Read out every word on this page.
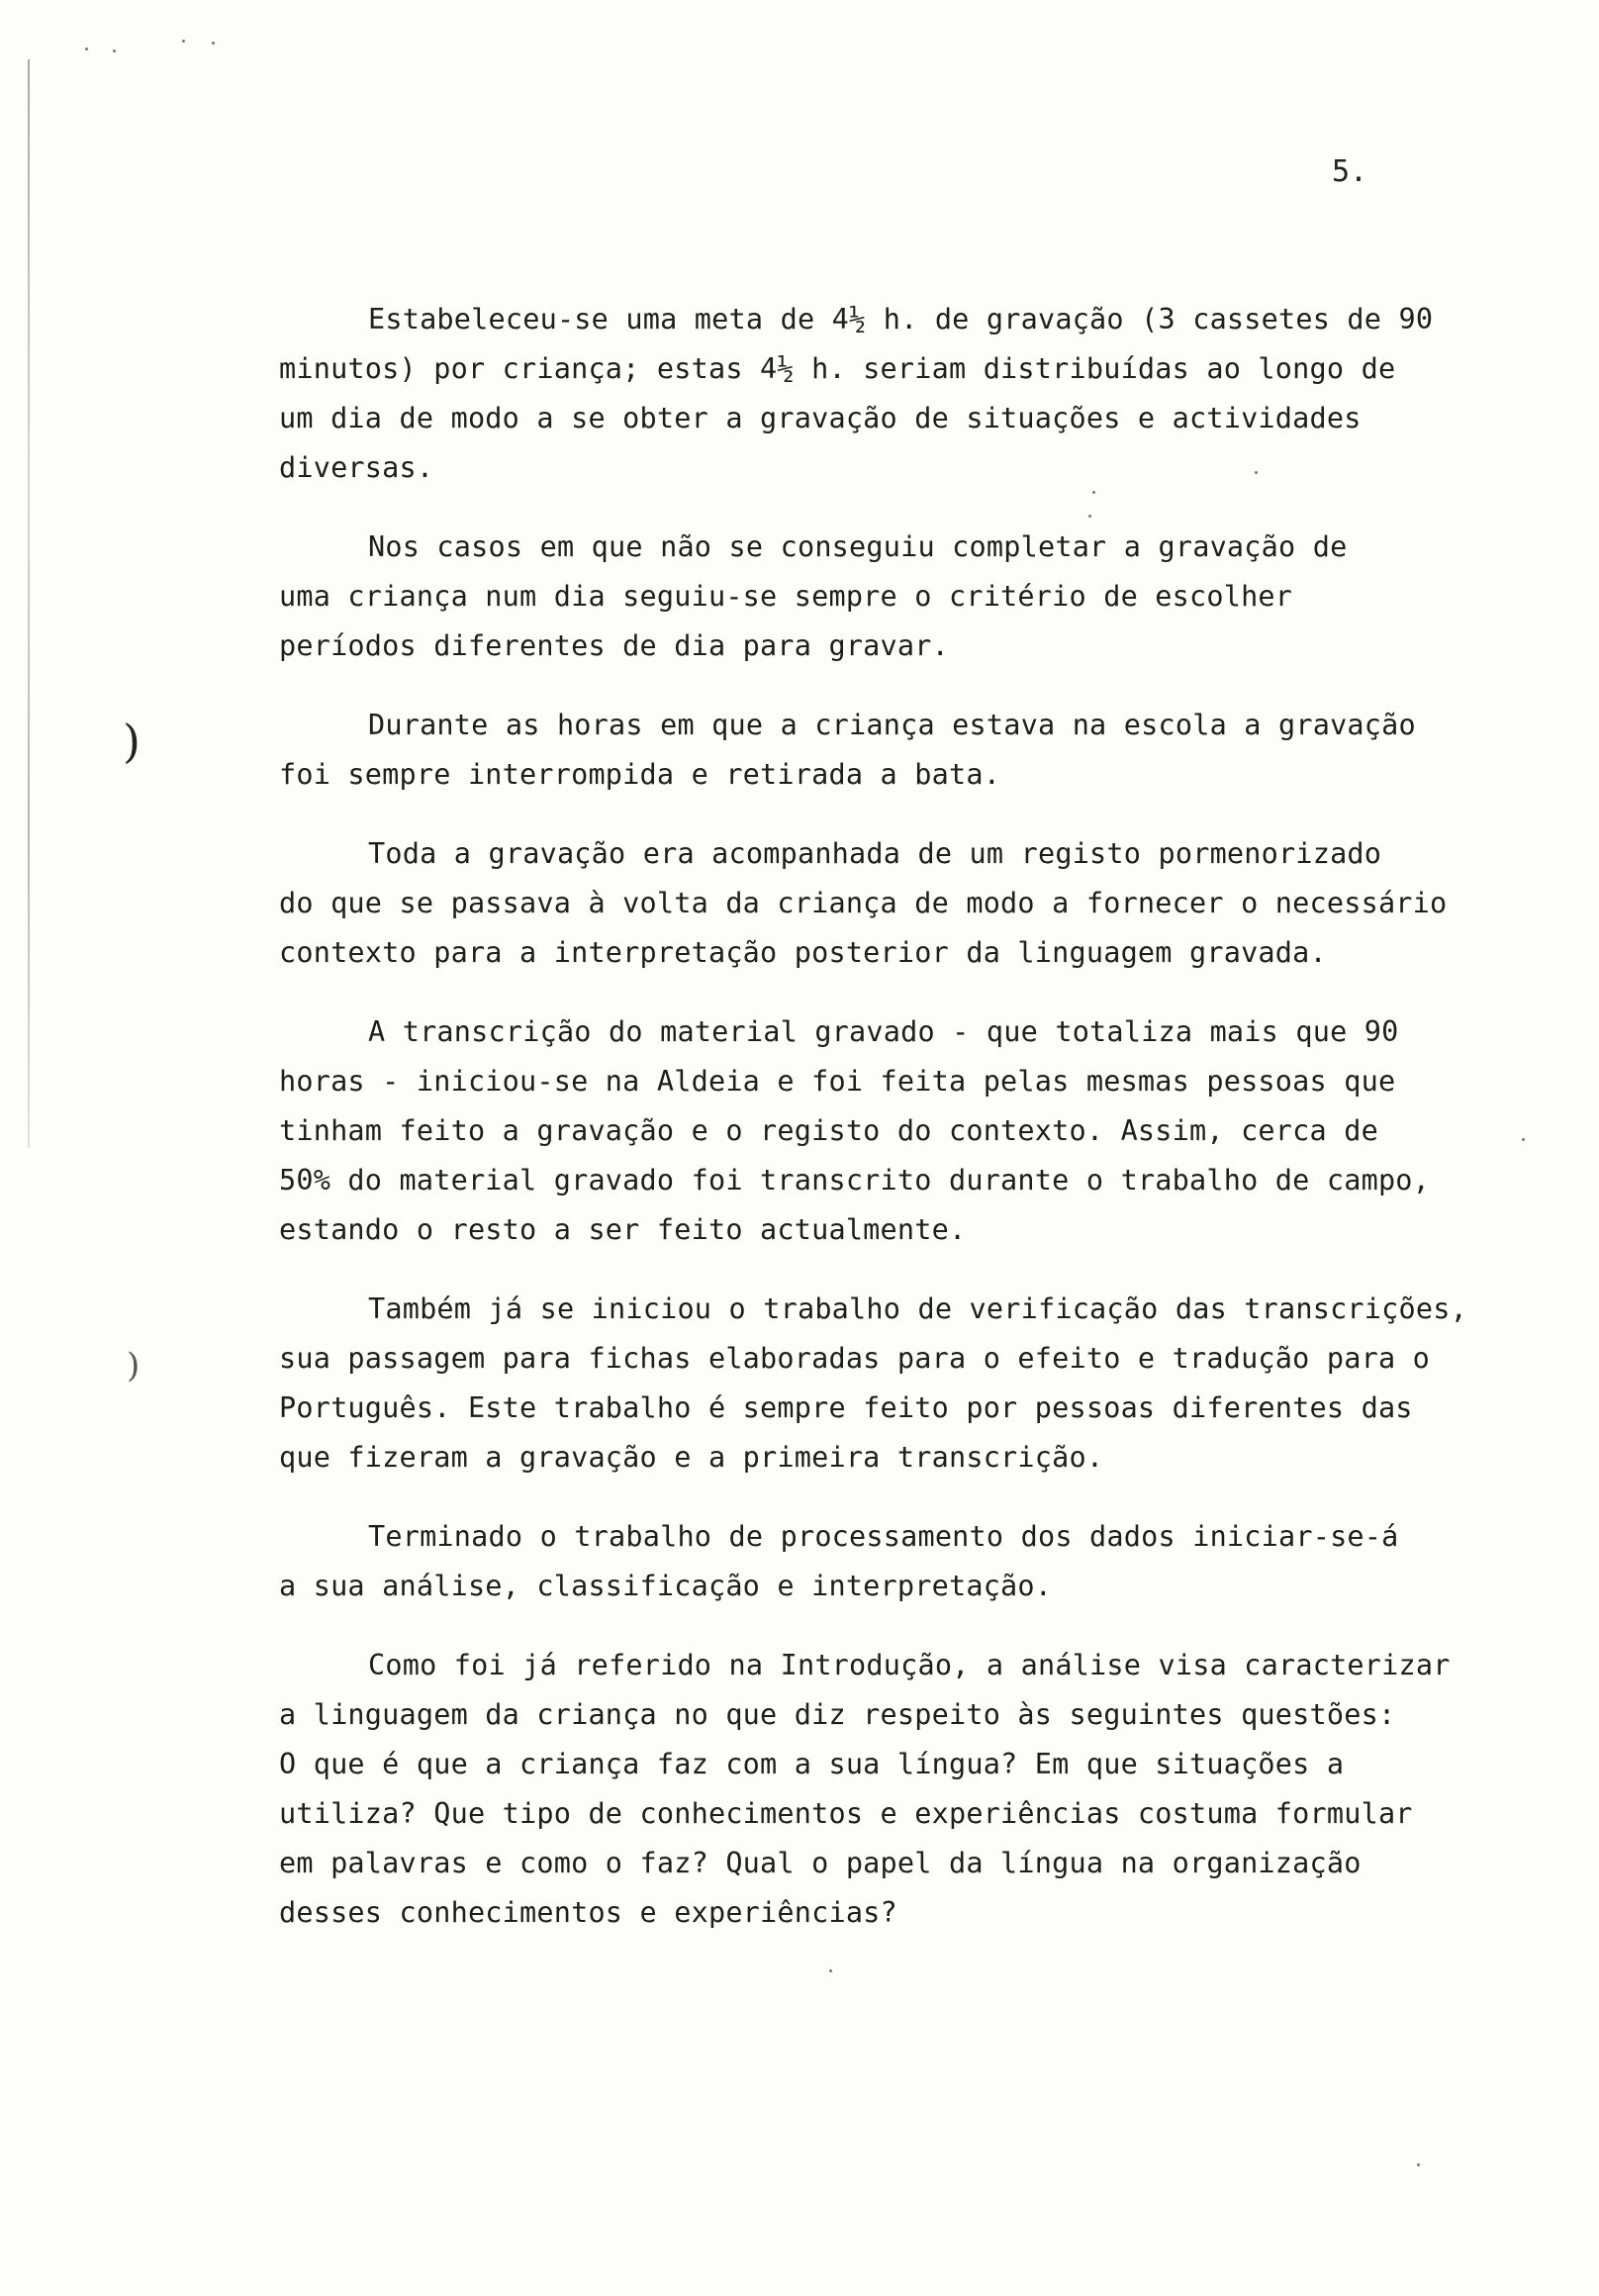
5.
)
)

Estabeleceu-se uma meta de 4½ h. de gravação (3 cassetes de 90
minutos) por criança; estas 4½ h. seriam distribuídas ao longo de
um dia de modo a se obter a gravação de situações e actividades
diversas.

Nos casos em que não se conseguiu completar a gravação de
uma criança num dia seguiu-se sempre o critério de escolher
períodos diferentes de dia para gravar.

Durante as horas em que a criança estava na escola a gravação
foi sempre interrompida e retirada a bata.

Toda a gravação era acompanhada de um registo pormenorizado
do que se passava à volta da criança de modo a fornecer o necessário
contexto para a interpretação posterior da linguagem gravada.

A transcrição do material gravado - que totaliza mais que 90
horas - iniciou-se na Aldeia e foi feita pelas mesmas pessoas que
tinham feito a gravação e o registo do contexto. Assim, cerca de
50% do material gravado foi transcrito durante o trabalho de campo,
estando o resto a ser feito actualmente.

Também já se iniciou o trabalho de verificação das transcrições,
sua passagem para fichas elaboradas para o efeito e tradução para o
Português. Este trabalho é sempre feito por pessoas diferentes das
que fizeram a gravação e a primeira transcrição.

Terminado o trabalho de processamento dos dados iniciar-se-á
a sua análise, classificação e interpretação.

Como foi já referido na Introdução, a análise visa caracterizar
a linguagem da criança no que diz respeito às seguintes questões:
O que é que a criança faz com a sua língua? Em que situações a
utiliza? Que tipo de conhecimentos e experiências costuma formular
em palavras e como o faz? Qual o papel da língua na organização
desses conhecimentos e experiências?
